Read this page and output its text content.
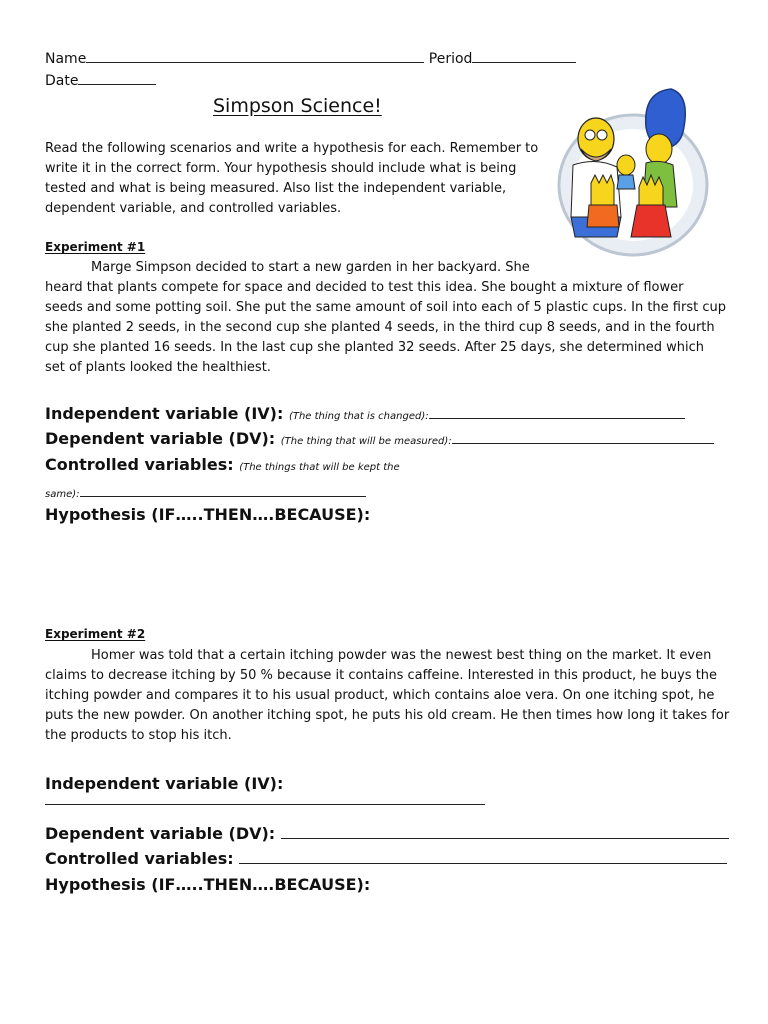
Name	Period
Date
Simpson Science!
Read the following scenarios and write a hypothesis for each. Remember to
write it in the correct form. Your hypothesis should include what is being
tested and what is being measured. Also list the independent variable,
dependent variable, and controlled variables.
Experiment #1
Marge Simpson decided to start a new garden in her backyard. She
heard that plants compete for space and decided to test this idea. She bought a mixture of flower
seeds and some potting soil. She put the same amount of soil into each of 5 plastic cups. In the first cup
she planted 2 seeds, in the second cup she planted 4 seeds, in the third cup 8 seeds, and in the fourth
cup she planted 16 seeds. In the last cup she planted 32 seeds. After 25 days, she determined which
set of plants looked the healthiest.
Independent variable (IV): (The thing that is changed):
Dependent variable (DV): (The thing that will be measured):
Controlled variables: (The things that will be kept the
same):
Hypothesis (IF…..THEN….BECAUSE):
Experiment #2
Homer was told that a certain itching powder was the newest best thing on the market. It even
claims to decrease itching by 50 % because it contains caffeine. Interested in this product, he buys the
itching powder and compares it to his usual product, which contains aloe vera. On one itching spot, he
puts the new powder. On another itching spot, he puts his old cream. He then times how long it takes for
the products to stop his itch.
Independent variable (IV):
Dependent variable (DV):
Controlled variables:
Hypothesis (IF…..THEN….BECAUSE):
